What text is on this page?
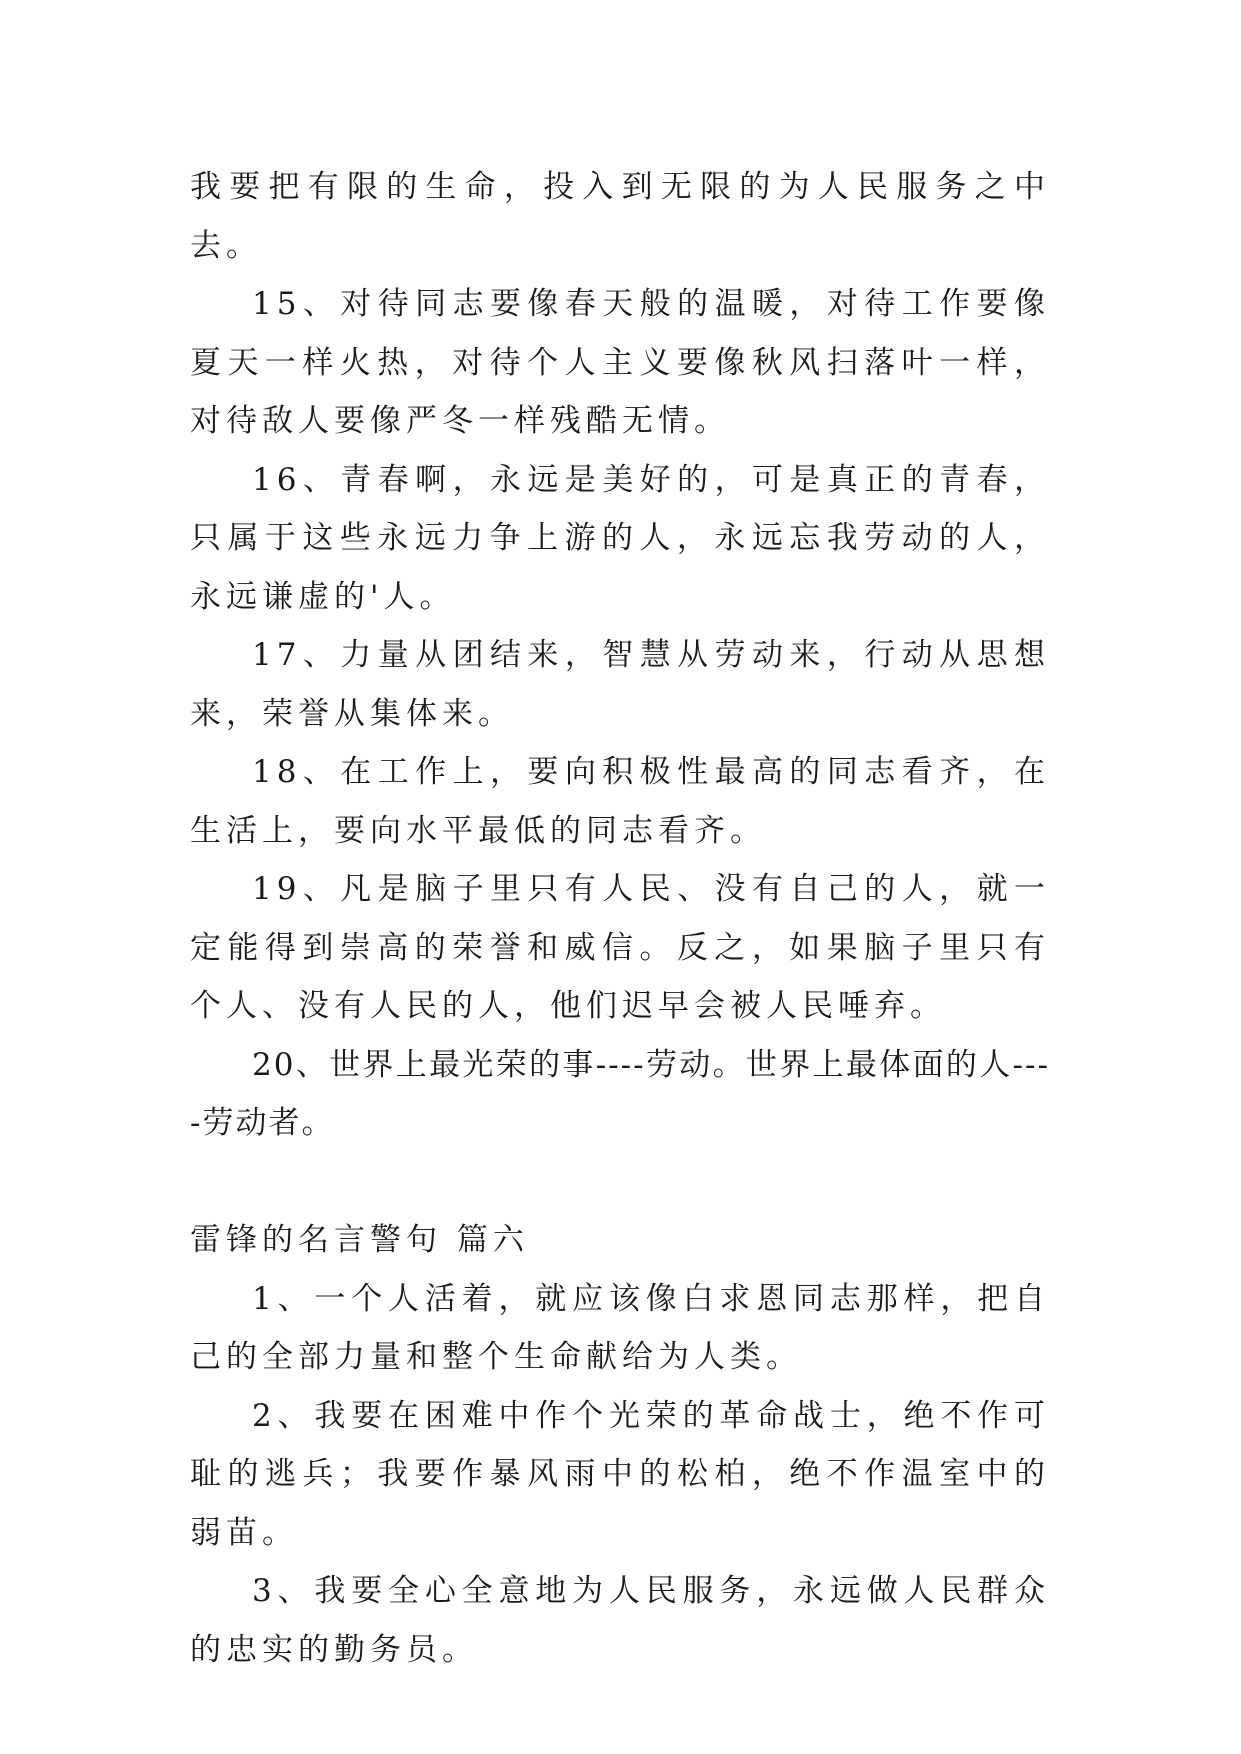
我要把有限的生命，投入到无限的为人民服务之中去。

15、对待同志要像春天般的温暖，对待工作要像夏天一样火热，对待个人主义要像秋风扫落叶一样，对待敌人要像严冬一样残酷无情。

16、青春啊，永远是美好的，可是真正的青春，只属于这些永远力争上游的人，永远忘我劳动的人，永远谦虚的'人。

17、力量从团结来，智慧从劳动来，行动从思想来，荣誉从集体来。

18、在工作上，要向积极性最高的同志看齐，在生活上，要向水平最低的同志看齐。

19、凡是脑子里只有人民、没有自己的人，就一定能得到崇高的荣誉和威信。反之，如果脑子里只有个人、没有人民的人，他们迟早会被人民唾弃。

20、世界上最光荣的事----劳动。世界上最体面的人----劳动者。

雷锋的名言警句 篇六

1、一个人活着，就应该像白求恩同志那样，把自己的全部力量和整个生命献给为人类。

2、我要在困难中作个光荣的革命战士，绝不作可耻的逃兵；我要作暴风雨中的松柏，绝不作温室中的弱苗。

3、我要全心全意地为人民服务，永远做人民群众的忠实的勤务员。
